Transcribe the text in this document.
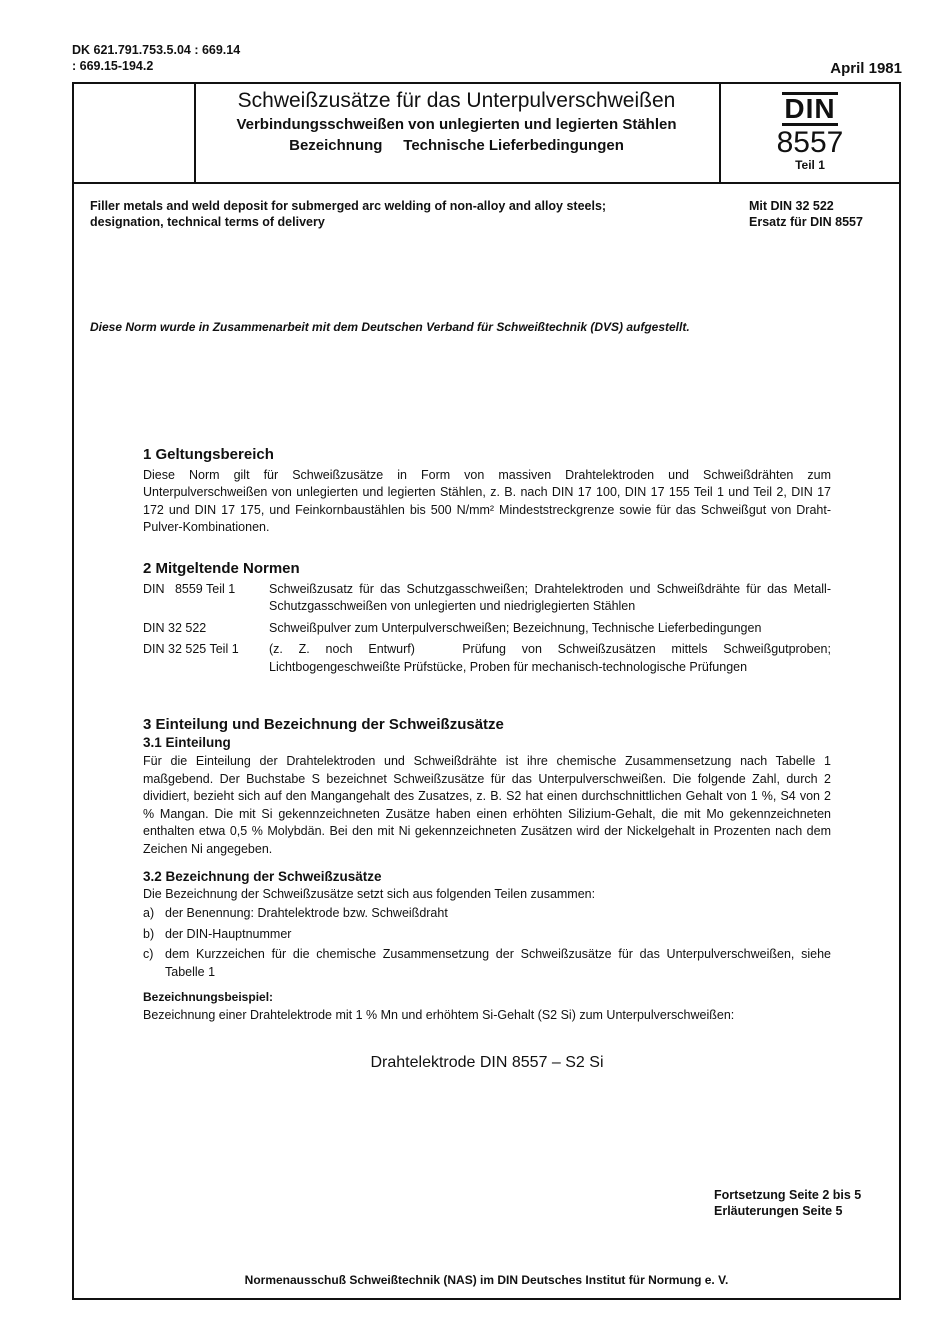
DK 621.791.753.5.04 : 669.14
: 669.15-194.2	April 1981
Schweißzusätze für das Unterpulverschweißen
Verbindungsschweißen von unlegierten und legierten Stählen
Bezeichnung     Technische Lieferbedingungen
DIN
8557
Teil 1
Filler metals and weld deposit for submerged arc welding of non-alloy and alloy steels;
designation, technical terms of delivery
Mit DIN 32 522
Ersatz für DIN 8557
Diese Norm wurde in Zusammenarbeit mit dem Deutschen Verband für Schweißtechnik (DVS) aufgestellt.
1 Geltungsbereich
Diese Norm gilt für Schweißzusätze in Form von massiven Drahtelektroden und Schweißdrähten zum Unterpulverschweißen von unlegierten und legierten Stählen, z. B. nach DIN 17 100, DIN 17 155 Teil 1 und Teil 2, DIN 17 172 und DIN 17 175, und Feinkornbaustählen bis 500 N/mm² Mindeststreckgrenze sowie für das Schweißgut von Draht-Pulver-Kombinationen.
2 Mitgeltende Normen
DIN   8559 Teil 1	Schweißzusatz für das Schutzgasschweißen; Drahtelektroden und Schweißdrähte für das Metall-Schutzgasschweißen von unlegierten und niedriglegierten Stählen
DIN 32 522	Schweißpulver zum Unterpulverschweißen; Bezeichnung, Technische Lieferbedingungen
DIN 32 525 Teil 1	(z. Z. noch Entwurf)   Prüfung von Schweißzusätzen mittels Schweißgutproben; Lichtbogengeschweißte Prüfstücke, Proben für mechanisch-technologische Prüfungen
3 Einteilung und Bezeichnung der Schweißzusätze
3.1 Einteilung
Für die Einteilung der Drahtelektroden und Schweißdrähte ist ihre chemische Zusammensetzung nach Tabelle 1 maßgebend. Der Buchstabe S bezeichnet Schweißzusätze für das Unterpulverschweißen. Die folgende Zahl, durch 2 dividiert, bezieht sich auf den Mangangehalt des Zusatzes, z. B. S2 hat einen durchschnittlichen Gehalt von 1 %, S4 von 2 % Mangan. Die mit Si gekennzeichneten Zusätze haben einen erhöhten Silizium-Gehalt, die mit Mo gekennzeichneten enthalten etwa 0,5 % Molybdän. Bei den mit Ni gekennzeichneten Zusätzen wird der Nickelgehalt in Prozenten nach dem Zeichen Ni angegeben.
3.2 Bezeichnung der Schweißzusätze
Die Bezeichnung der Schweißzusätze setzt sich aus folgenden Teilen zusammen:
a) der Benennung: Drahtelektrode bzw. Schweißdraht
b) der DIN-Hauptnummer
c) dem Kurzzeichen für die chemische Zusammensetzung der Schweißzusätze für das Unterpulverschweißen, siehe Tabelle 1
Bezeichnungsbeispiel:
Bezeichnung einer Drahtelektrode mit 1 % Mn und erhöhtem Si-Gehalt (S2 Si) zum Unterpulverschweißen:
Drahtelektrode DIN 8557 – S2 Si
Fortsetzung Seite 2 bis 5
Erläuterungen Seite 5
Normenausschuß Schweißtechnik (NAS) im DIN Deutsches Institut für Normung e. V.
